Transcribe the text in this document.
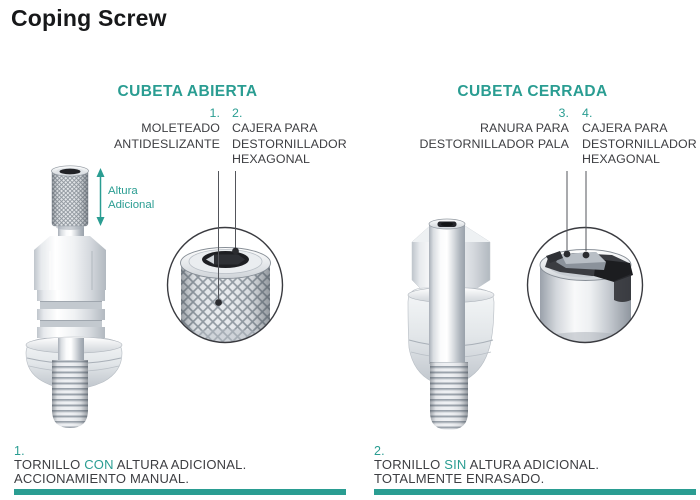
Coping Screw
CUBETA ABIERTA	CUBETA CERRADA
1.
MOLETEADO
ANTIDESLIZANTE
2.
CAJERA PARA
DESTORNILLADOR
HEXAGONAL
3.
RANURA PARA
DESTORNILLADOR PALA
4.
CAJERA PARA
DESTORNILLADOR
HEXAGONAL
Altura
Adicional
1.
TORNILLO CON ALTURA ADICIONAL.
ACCIONAMIENTO MANUAL.
2.
TORNILLO SIN ALTURA ADICIONAL.
TOTALMENTE ENRASADO.
